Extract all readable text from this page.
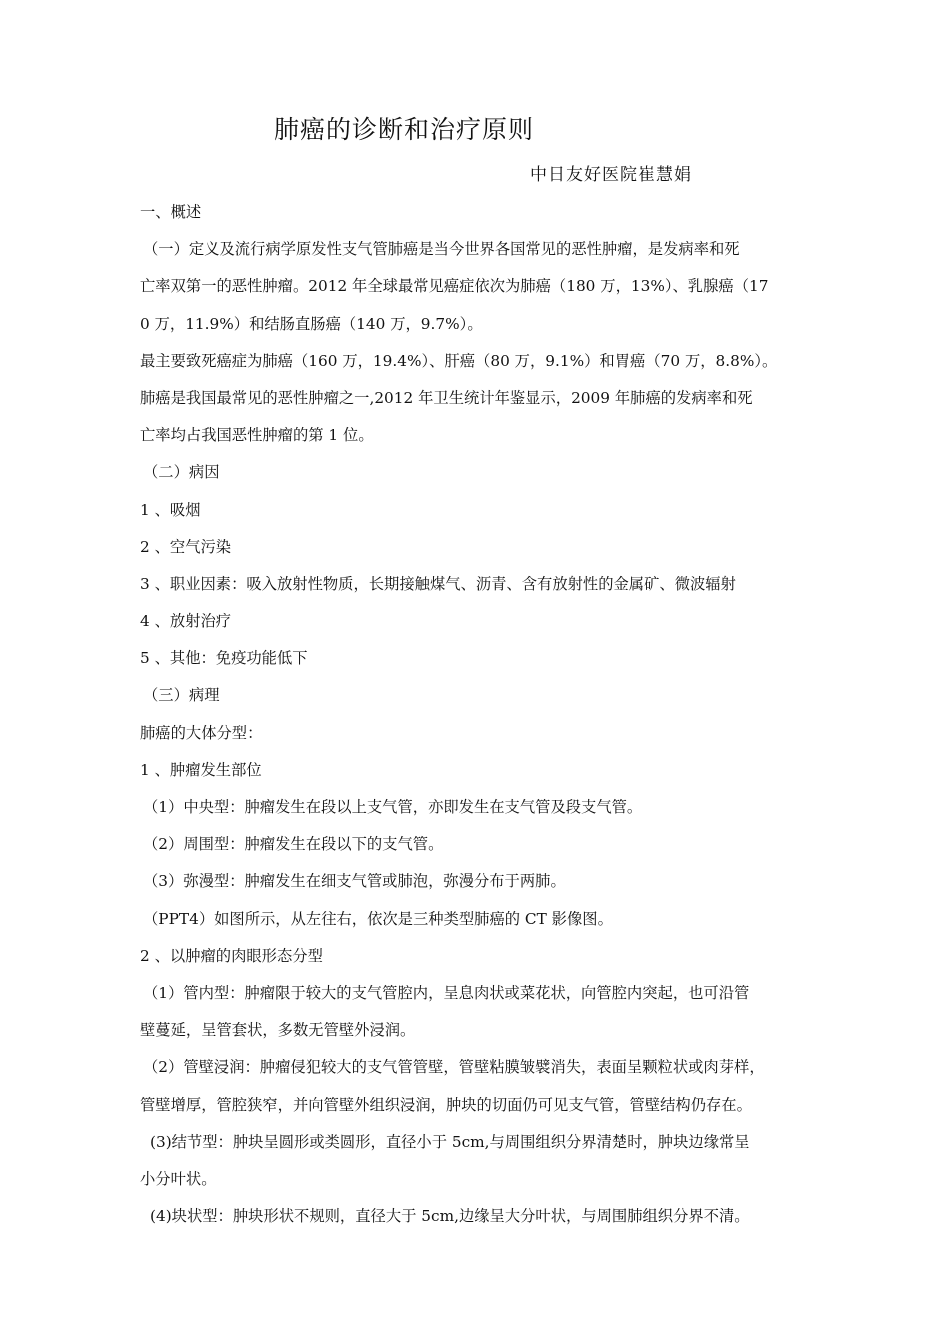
肺癌的诊断和治疗原则
中日友好医院崔慧娟
一、概述
（一）定义及流行病学原发性支气管肺癌是当今世界各国常见的恶性肿瘤，是发病率和死
亡率双第一的恶性肿瘤。2012 年全球最常见癌症依次为肺癌（180 万，13%）、乳腺癌（17
0 万，11.9%）和结肠直肠癌（140 万，9.7%）。
最主要致死癌症为肺癌（160 万，19.4%）、肝癌（80 万，9.1%）和胃癌（70 万，8.8%）。
肺癌是我国最常见的恶性肿瘤之一,2012 年卫生统计年鉴显示，2009 年肺癌的发病率和死
亡率均占我国恶性肿瘤的第 1 位。
（二）病因
1 、吸烟
2 、空气污染
3 、职业因素：吸入放射性物质，长期接触煤气、沥青、含有放射性的金属矿、微波辐射
4 、放射治疗
5 、其他：免疫功能低下
（三）病理
肺癌的大体分型：
1 、肿瘤发生部位
（1）中央型：肿瘤发生在段以上支气管，亦即发生在支气管及段支气管。
（2）周围型：肿瘤发生在段以下的支气管。
（3）弥漫型：肿瘤发生在细支气管或肺泡，弥漫分布于两肺。
（PPT4）如图所示，从左往右，依次是三种类型肺癌的 CT 影像图。
2 、以肿瘤的肉眼形态分型
（1）管内型：肿瘤限于较大的支气管腔内，呈息肉状或菜花状，向管腔内突起，也可沿管
壁蔓延，呈管套状，多数无管壁外浸润。
（2）管壁浸润：肿瘤侵犯较大的支气管管壁，管壁粘膜皱襞消失，表面呈颗粒状或肉芽样，
管壁增厚，管腔狭窄，并向管壁外组织浸润，肿块的切面仍可见支气管，管壁结构仍存在。
(3)结节型：肿块呈圆形或类圆形，直径小于 5cm,与周围组织分界清楚时，肿块边缘常呈
小分叶状。
(4)块状型：肿块形状不规则，直径大于 5cm,边缘呈大分叶状，与周围肺组织分界不清。
